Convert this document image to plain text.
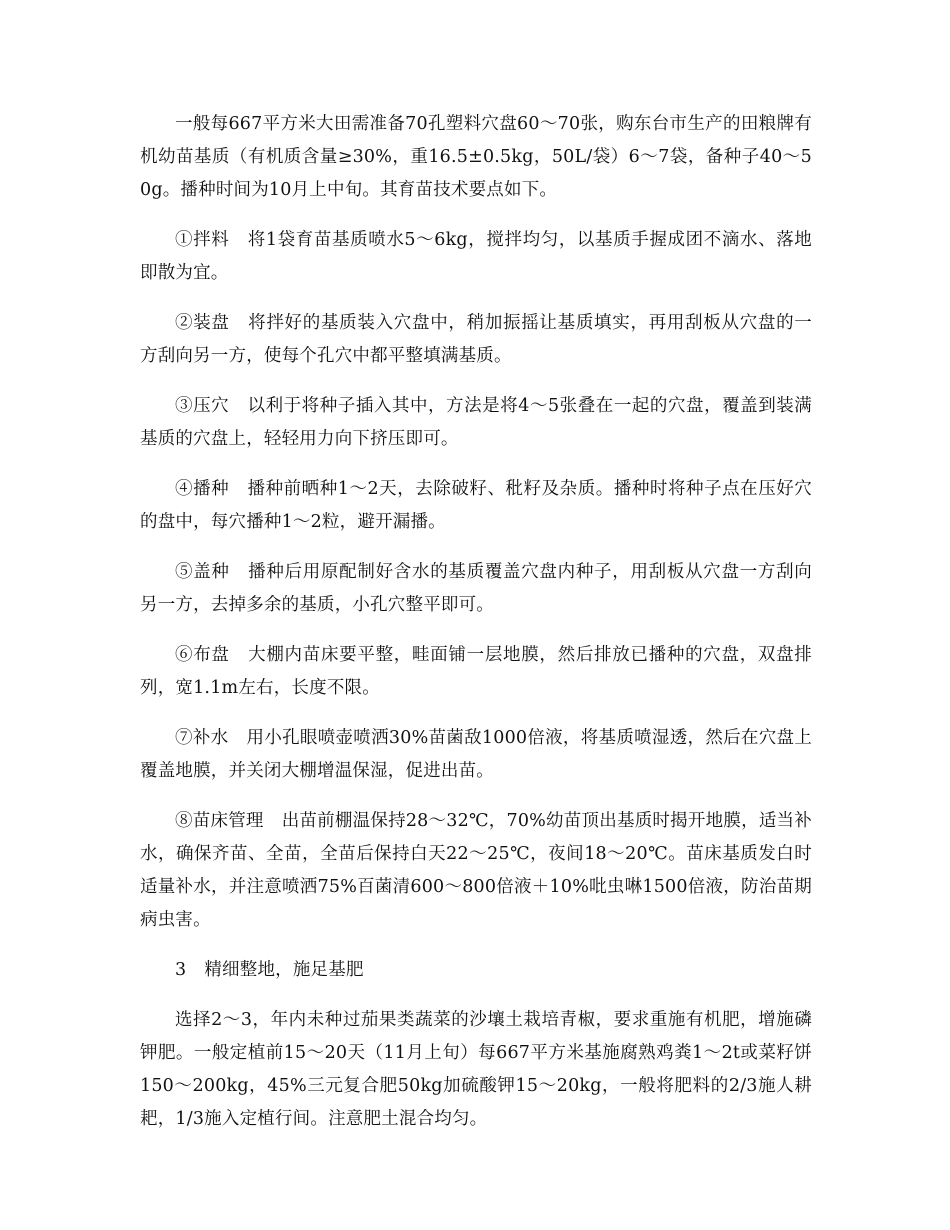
一般每667平方米大田需准备70孔塑料穴盘60～70张，购东台市生产的田粮牌有机幼苗基质（有机质含量≥30%，重16.5±0.5kg，50L/袋）6～7袋，备种子40～50g。播种时间为10月上中旬。其育苗技术要点如下。

①拌料 将1袋育苗基质喷水5～6kg，搅拌均匀，以基质手握成团不滴水、落地即散为宜。

②装盘 将拌好的基质装入穴盘中，稍加振摇让基质填实，再用刮板从穴盘的一方刮向另一方，使每个孔穴中都平整填满基质。

③压穴 以利于将种子插入其中，方法是将4～5张叠在一起的穴盘，覆盖到装满基质的穴盘上，轻轻用力向下挤压即可。

④播种 播种前晒种1～2天，去除破籽、秕籽及杂质。播种时将种子点在压好穴的盘中，每穴播种1～2粒，避开漏播。

⑤盖种 播种后用原配制好含水的基质覆盖穴盘内种子，用刮板从穴盘一方刮向另一方，去掉多余的基质，小孔穴整平即可。

⑥布盘 大棚内苗床要平整，畦面铺一层地膜，然后排放已播种的穴盘，双盘排列，宽1.1m左右，长度不限。

⑦补水 用小孔眼喷壶喷洒30%苗菌敌1000倍液，将基质喷湿透，然后在穴盘上覆盖地膜，并关闭大棚增温保湿，促进出苗。

⑧苗床管理 出苗前棚温保持28～32℃，70%幼苗顶出基质时揭开地膜，适当补水，确保齐苗、全苗，全苗后保持白天22～25℃，夜间18～20℃。苗床基质发白时适量补水，并注意喷洒75%百菌清600～800倍液＋10%吡虫啉1500倍液，防治苗期病虫害。

3 精细整地，施足基肥

选择2～3，年内未种过茄果类蔬菜的沙壤土栽培青椒，要求重施有机肥，增施磷钾肥。一般定植前15～20天（11月上旬）每667平方米基施腐熟鸡粪1～2t或菜籽饼150～200kg，45%三元复合肥50kg加硫酸钾15～20kg，一般将肥料的2/3施人耕耙，1/3施入定植行间。注意肥土混合均匀。
